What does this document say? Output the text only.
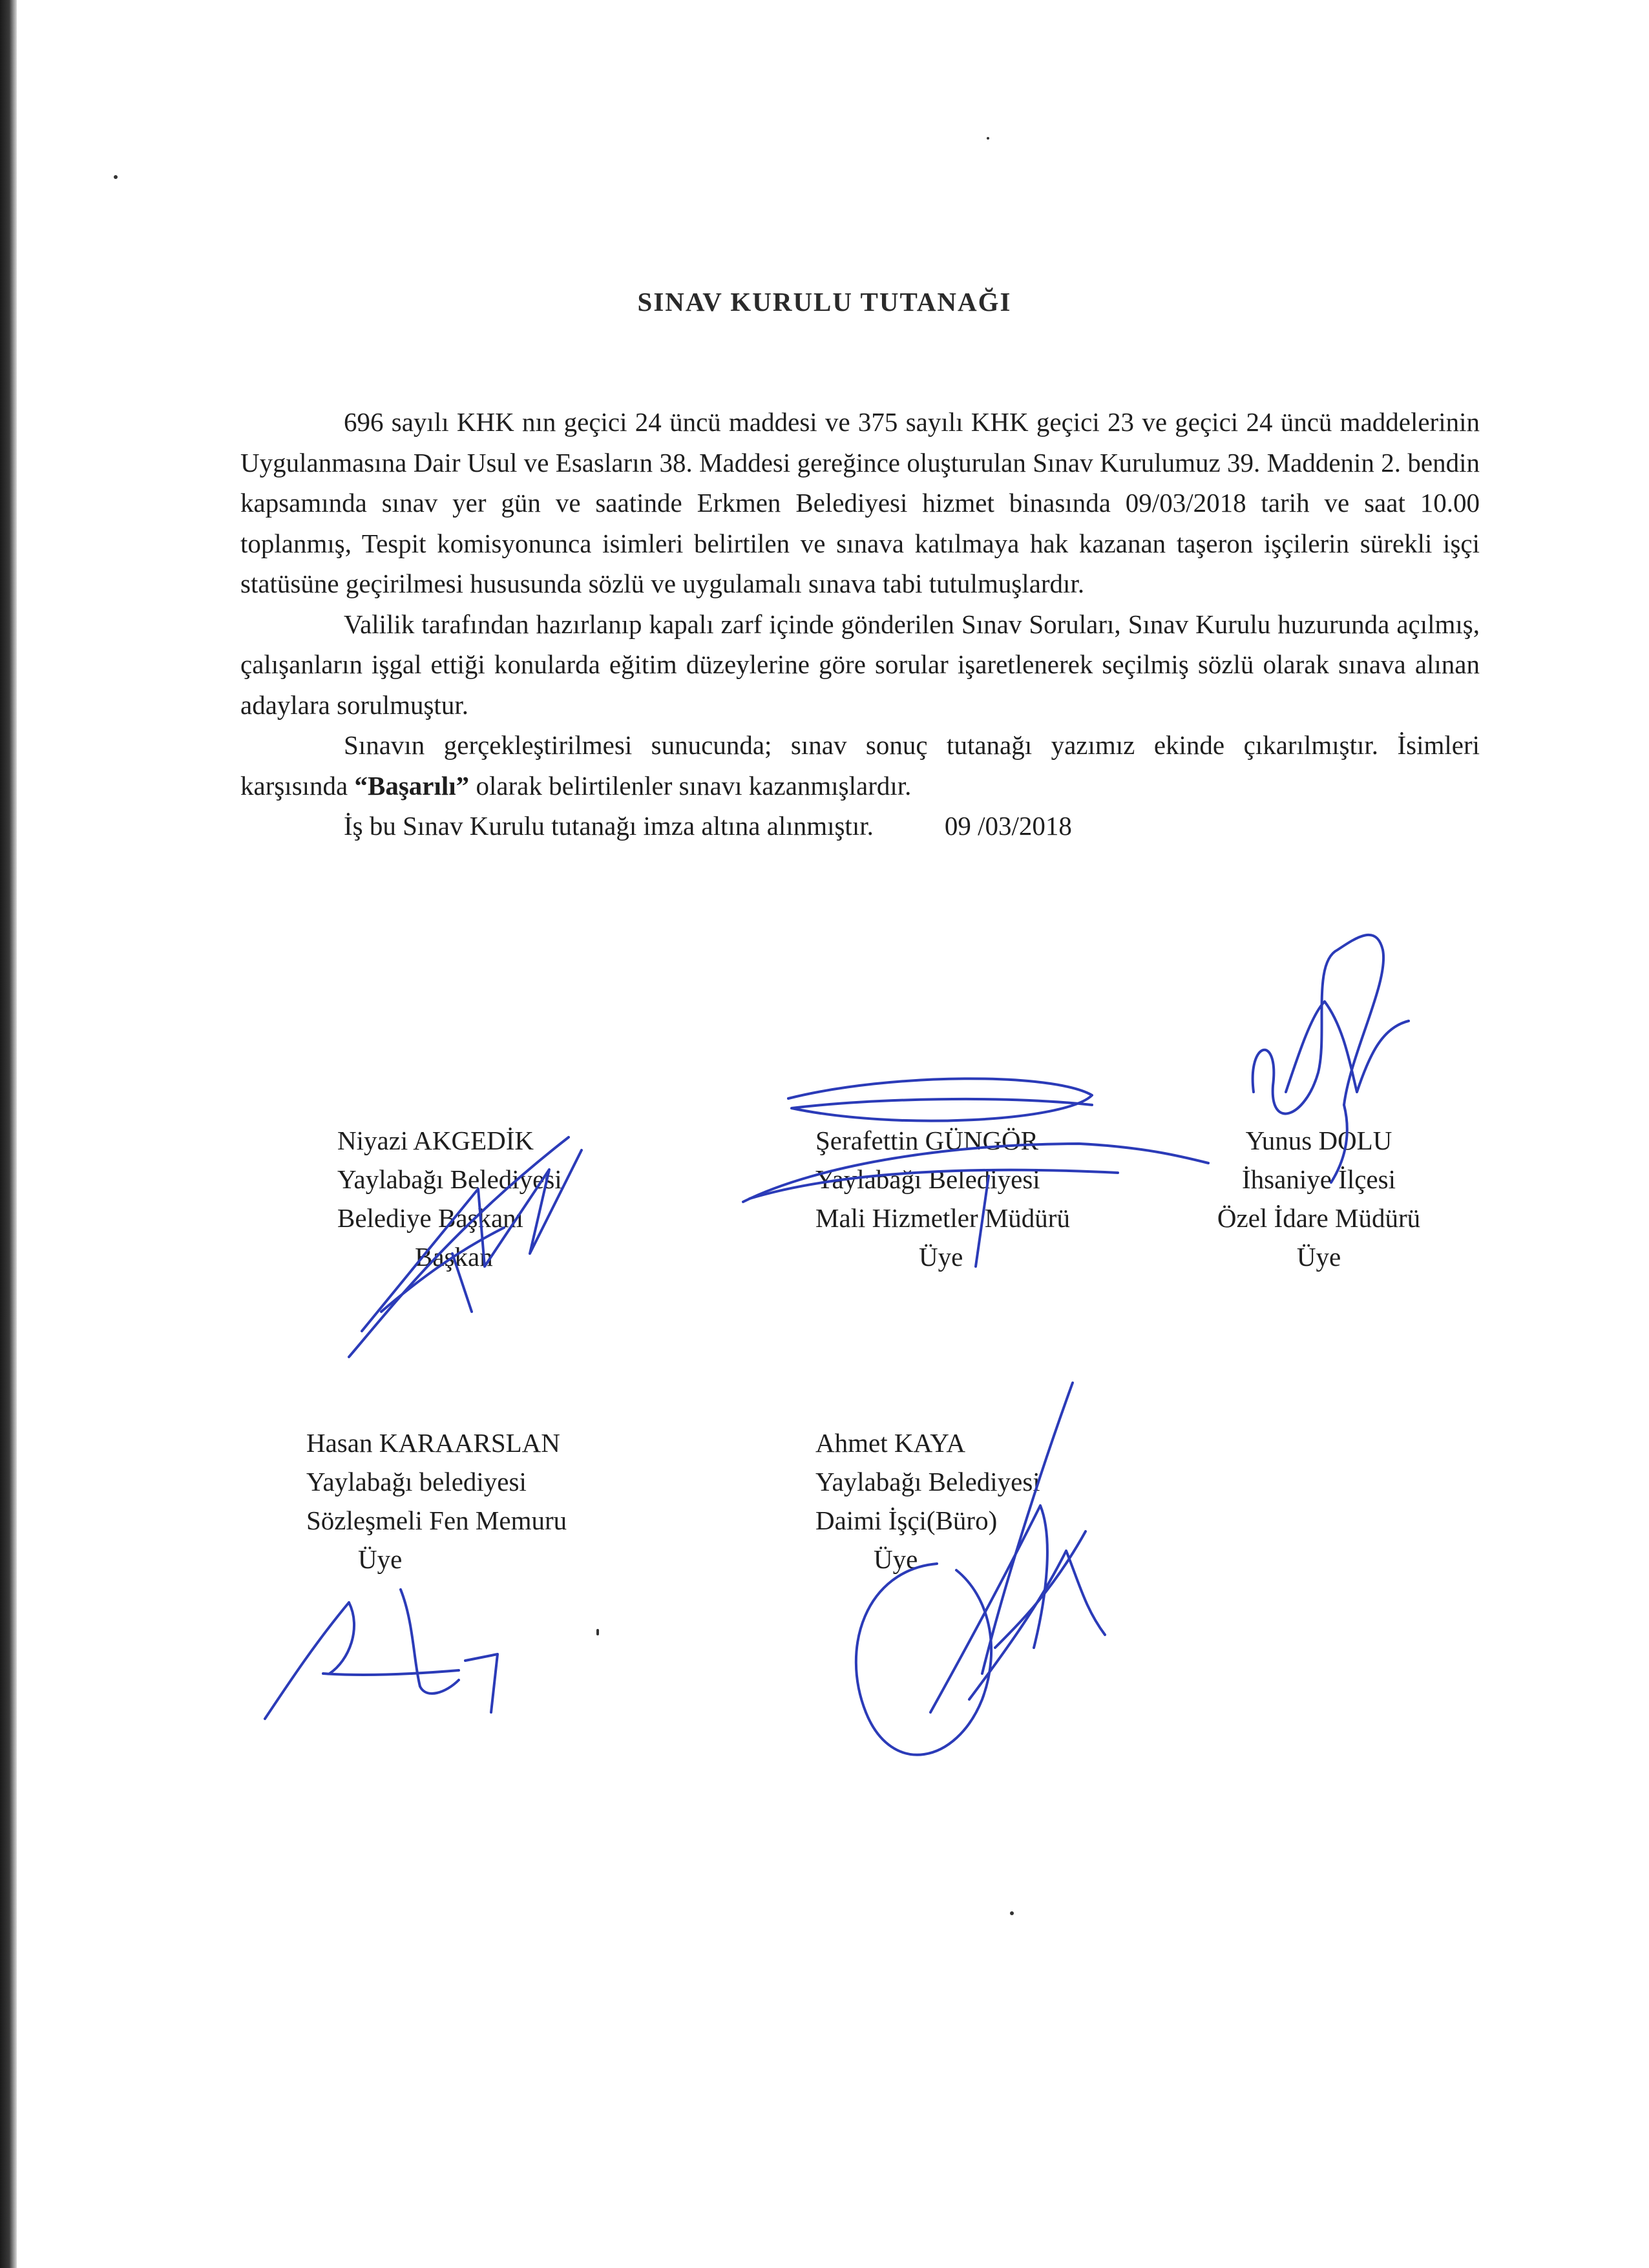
SINAV KURULU TUTANAĞI

696 sayılı KHK nın geçici 24 üncü maddesi ve 375 sayılı KHK geçici 23 ve geçici 24 üncü maddelerinin Uygulanmasına Dair Usul ve Esasların 38. Maddesi gereğince oluşturulan Sınav Kurulumuz 39. Maddenin 2. bendin kapsamında sınav yer gün ve saatinde Erkmen Belediyesi hizmet binasında 09/03/2018 tarih ve saat 10.00 toplanmış, Tespit komisyonunca isimleri belirtilen ve sınava katılmaya hak kazanan taşeron işçilerin sürekli işçi statüsüne geçirilmesi hususunda sözlü ve uygulamalı sınava tabi tutulmuşlardır.

Valilik tarafından hazırlanıp kapalı zarf içinde gönderilen Sınav Soruları, Sınav Kurulu huzurunda açılmış, çalışanların işgal ettiği konularda eğitim düzeylerine göre sorular işaretlenerek seçilmiş sözlü olarak sınava alınan adaylara sorulmuştur.

Sınavın gerçekleştirilmesi sunucunda; sınav sonuç tutanağı yazımız ekinde çıkarılmıştır. İsimleri karşısında “Başarılı” olarak belirtilenler sınavı kazanmışlardır.

İş bu Sınav Kurulu tutanağı imza altına alınmıştır.	09 /03/2018

Niyazi AKGEDİK
Yaylabağı Belediyesi
Belediye Başkanı
Başkan
Şerafettin GÜNGÖR
Yaylabağı Belediyesi
Mali Hizmetler Müdürü
Üye
Yunus DOLU
İhsaniye İlçesi
Özel İdare Müdürü
Üye
Hasan KARAARSLAN
Yaylabağı belediyesi
Sözleşmeli Fen Memuru
Üye
Ahmet KAYA
Yaylabağı Belediyesi
Daimi İşçi(Büro)
Üye
